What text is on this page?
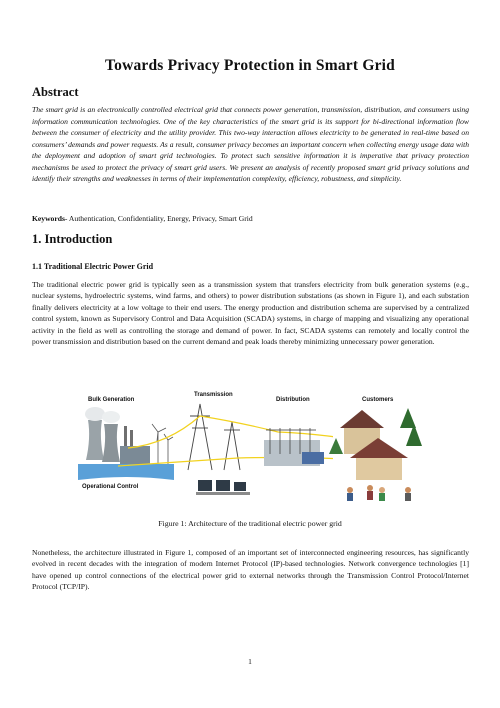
Towards Privacy Protection in Smart Grid
Abstract
The smart grid is an electronically controlled electrical grid that connects power generation, transmission, distribution, and consumers using information communication technologies. One of the key characteristics of the smart grid is its support for bi-directional information flow between the consumer of electricity and the utility provider. This two-way interaction allows electricity to be generated in real-time based on consumers’ demands and power requests. As a result, consumer privacy becomes an important concern when collecting energy usage data with the deployment and adoption of smart grid technologies. To protect such sensitive information it is imperative that privacy protection mechanisms be used to protect the privacy of smart grid users. We present an analysis of recently proposed smart grid privacy solutions and identify their strengths and weaknesses in terms of their implementation complexity, efficiency, robustness, and simplicity.
Keywords- Authentication, Confidentiality, Energy, Privacy, Smart Grid
1. Introduction
1.1 Traditional Electric Power Grid
The traditional electric power grid is typically seen as a transmission system that transfers electricity from bulk generation systems (e.g., nuclear systems, hydroelectric systems, wind farms, and others) to power distribution substations (as shown in Figure 1), and each substation finally delivers electricity at a low voltage to their end users. The energy production and distribution schema are supervised by a centralized control system, known as Supervisory Control and Data Acquisition (SCADA) systems, in charge of mapping and visualizing any operational activity in the field as well as controlling the storage and demand of power. In fact, SCADA systems can remotely and locally control the power transmission and distribution based on the current demand and peak loads thereby minimizing unnecessary power generation.
Bulk Generation
Operational Control
Transmission
Distribution	Customers
Figure 1: Architecture of the traditional electric power grid
Nonetheless, the architecture illustrated in Figure 1, composed of an important set of interconnected engineering resources, has significantly evolved in recent decades with the integration of modern Internet Protocol (IP)-based technologies. Network convergence technologies [1] have opened up control connections of the electrical power grid to external networks through the Transmission Control Protocol/Internet Protocol (TCP/IP).
1
